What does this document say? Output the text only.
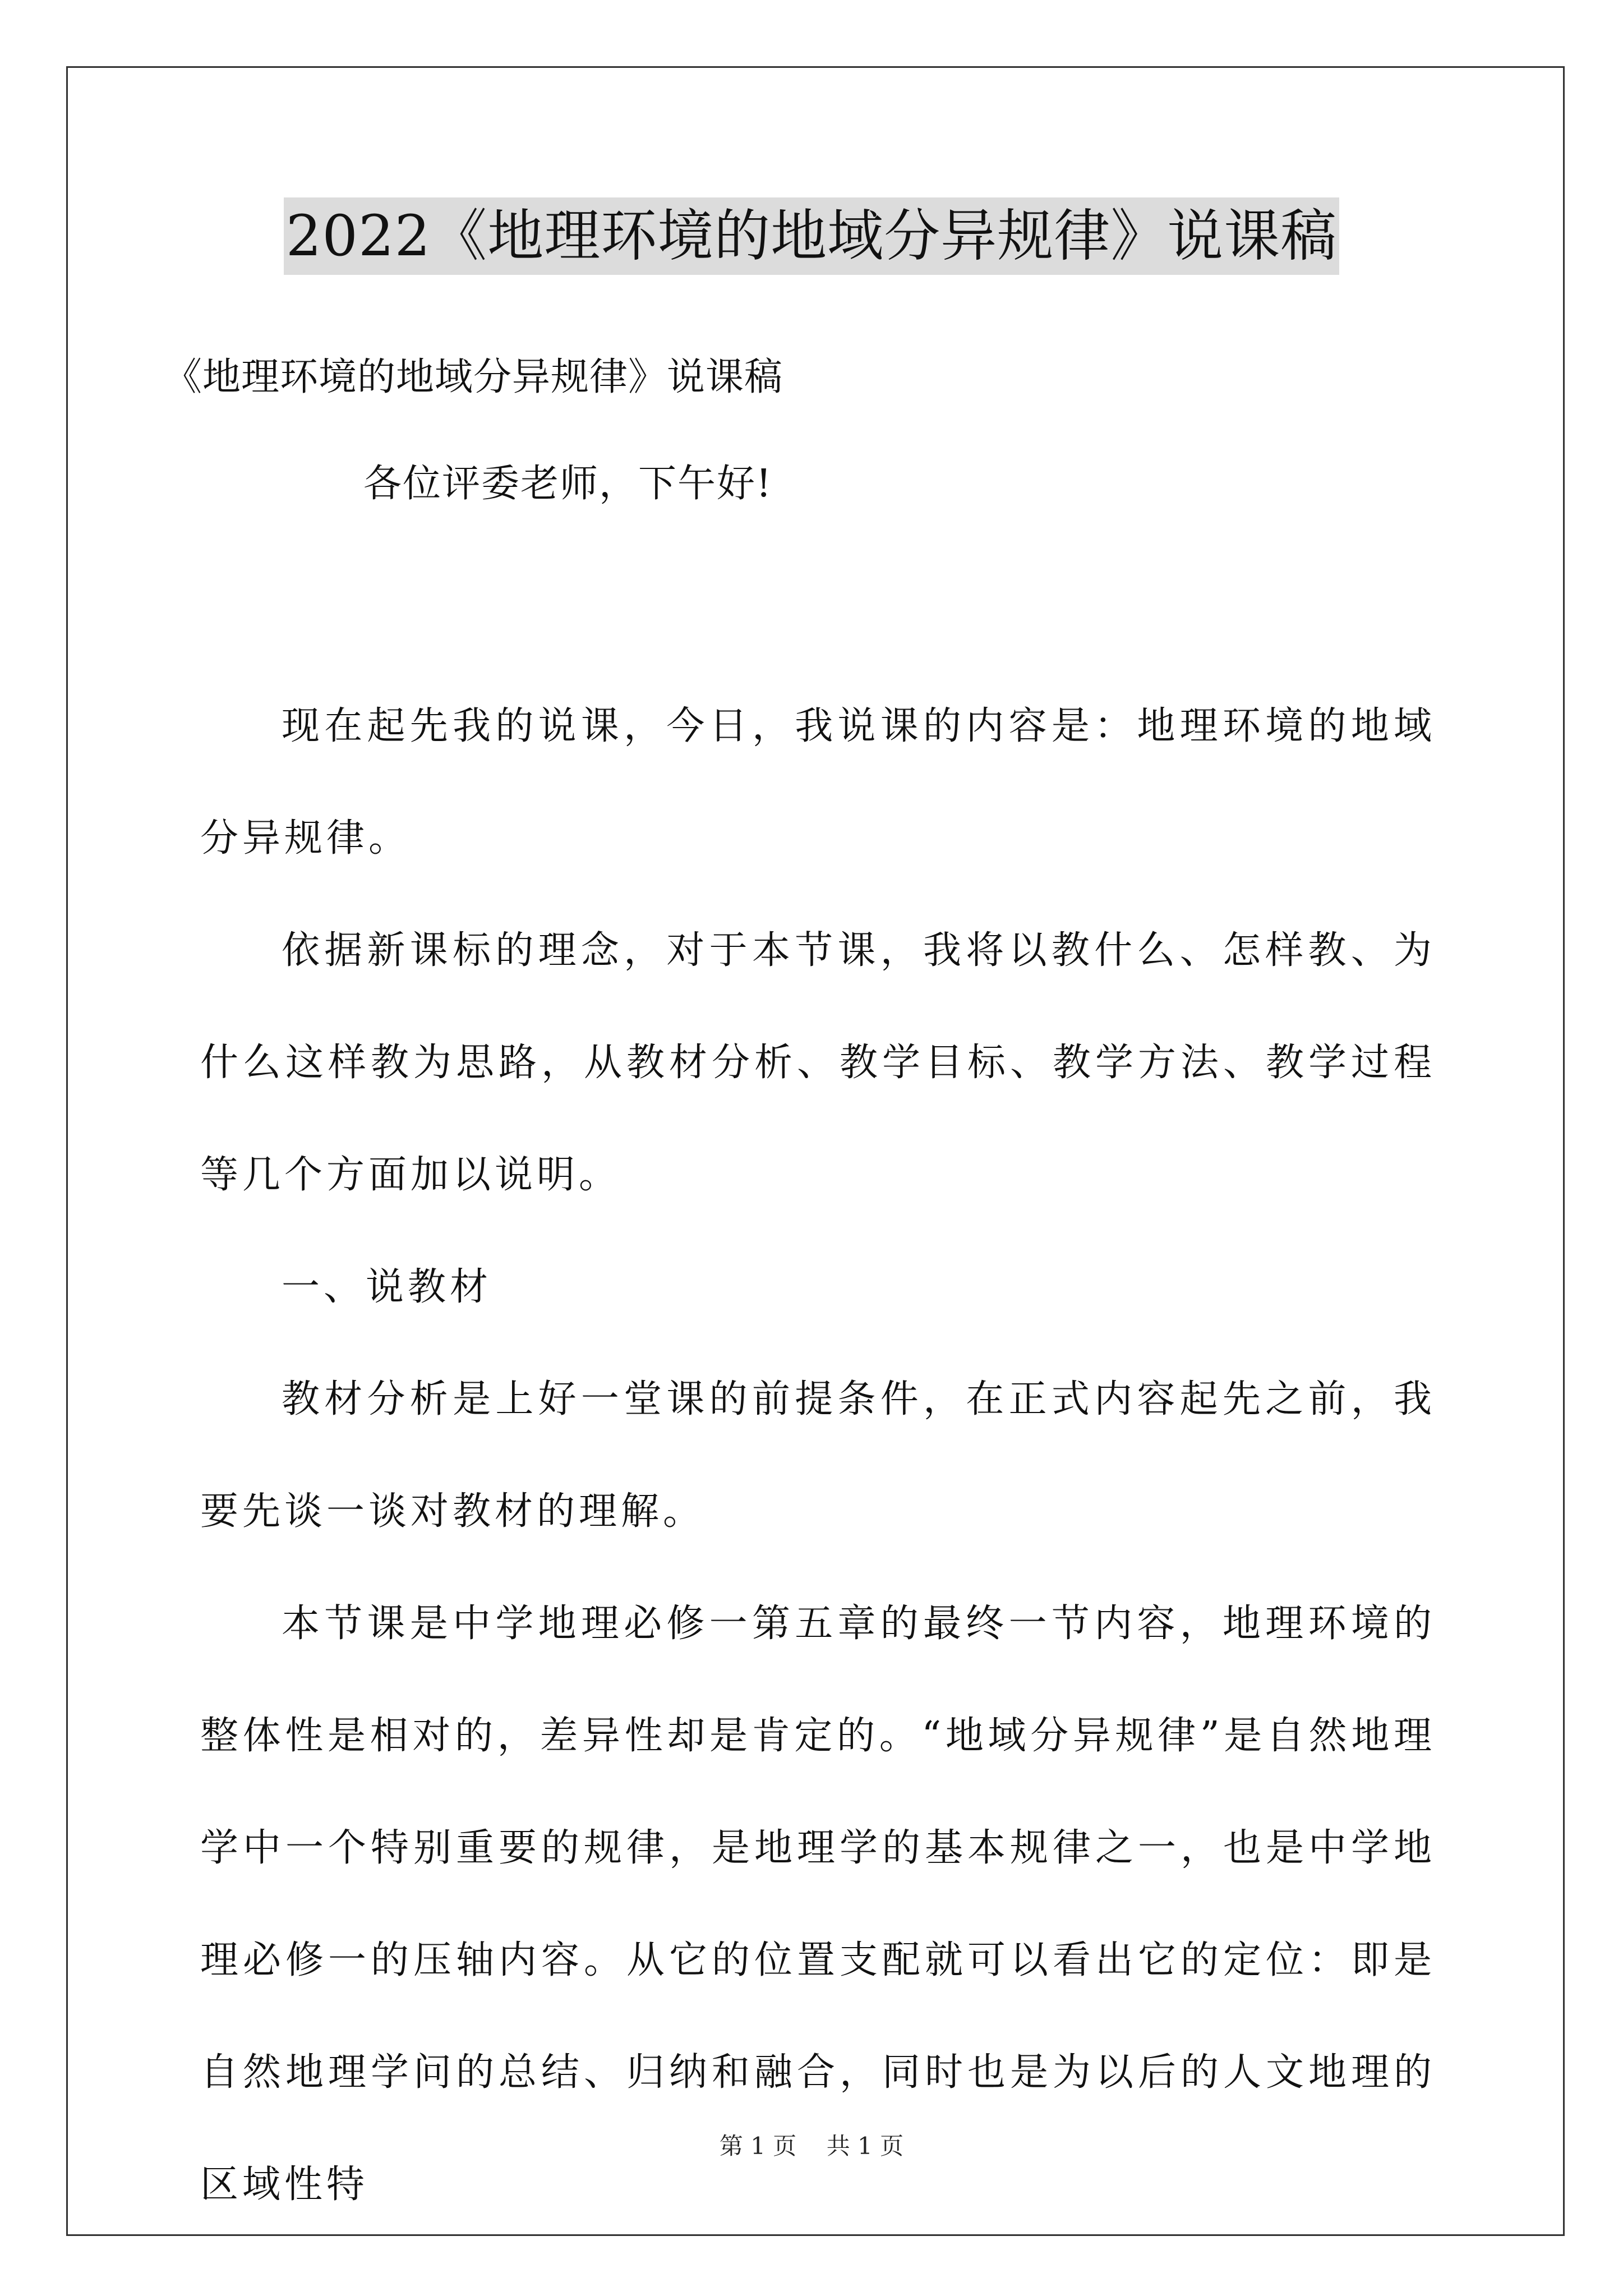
2022《地理环境的地域分异规律》说课稿
《地理环境的地域分异规律》说课稿
各位评委老师，下午好!

现在起先我的说课，今日，我说课的内容是：地理环境的地域分异规律。

依据新课标的理念，对于本节课，我将以教什么、怎样教、为什么这样教为思路，从教材分析、教学目标、教学方法、教学过程等几个方面加以说明。

一、说教材

教材分析是上好一堂课的前提条件，在正式内容起先之前，我要先谈一谈对教材的理解。

本节课是中学地理必修一第五章的最终一节内容，地理环境的整体性是相对的，差异性却是肯定的。“地域分异规律”是自然地理学中一个特别重要的规律，是地理学的基本规律之一，也是中学地理必修一的压轴内容。从它的位置支配就可以看出它的定位：即是自然地理学问的总结、归纳和融合，同时也是为以后的人文地理的区域性特

第 1 页    共 1 页
